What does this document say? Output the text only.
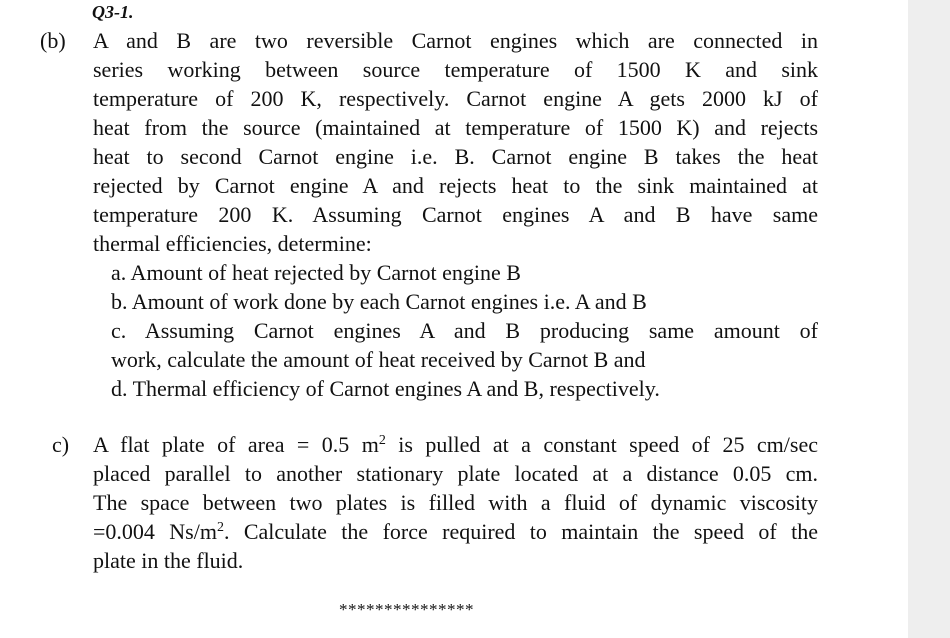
Q3-1.
(b) A and B are two reversible Carnot engines which are connected in
series working between source temperature of 1500 K and sink
temperature of 200 K, respectively. Carnot engine A gets 2000 kJ of
heat from the source (maintained at temperature of 1500 K) and rejects
heat to second Carnot engine i.e. B. Carnot engine B takes the heat
rejected by Carnot engine A and rejects heat to the sink maintained at
temperature 200 K. Assuming Carnot engines A and B have same
thermal efficiencies, determine:
a. Amount of heat rejected by Carnot engine B
b. Amount of work done by each Carnot engines i.e. A and B
c. Assuming Carnot engines A and B producing same amount of
work, calculate the amount of heat received by Carnot B and
d. Thermal efficiency of Carnot engines A and B, respectively.
c) A flat plate of area = 0.5 $m^2$ is pulled at a constant speed of 25 cm/sec
placed parallel to another stationary plate located at a distance 0.05 cm.
The space between two plates is filled with a fluid of dynamic viscosity
=0.004 $Ns/m^2$. Calculate the force required to maintain the speed of the
plate in the fluid.
***************
